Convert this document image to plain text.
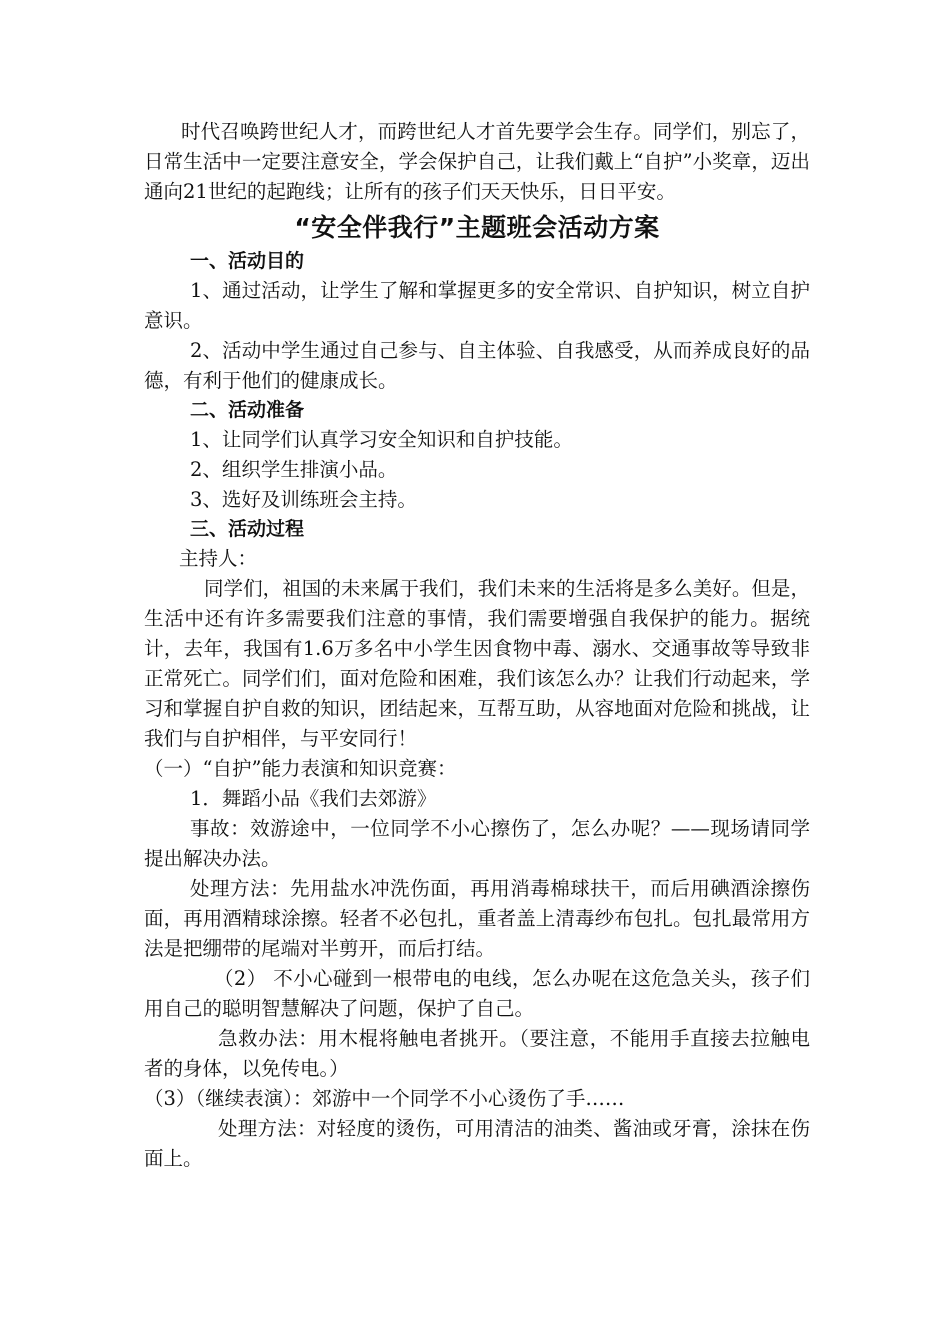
时代召唤跨世纪人才，而跨世纪人才首先要学会生存。同学们，别忘了，日常生活中一定要注意安全，学会保护自己，让我们戴上“自护”小奖章，迈出通向21世纪的起跑线；让所有的孩子们天天快乐，日日平安。

“安全伴我行”主题班会活动方案
一、活动目的

1、通过活动，让学生了解和掌握更多的安全常识、自护知识，树立自护意识。

2、活动中学生通过自己参与、自主体验、自我感受，从而养成良好的品德，有利于他们的健康成长。

二、活动准备

1、让同学们认真学习安全知识和自护技能。

2、组织学生排演小品。

3、选好及训练班会主持。

三、活动过程

主持人：

同学们，祖国的未来属于我们，我们未来的生活将是多么美好。但是，生活中还有许多需要我们注意的事情，我们需要增强自我保护的能力。据统计，去年，我国有1.6万多名中小学生因食物中毒、溺水、交通事故等导致非正常死亡。同学们们，面对危险和困难，我们该怎么办？让我们行动起来，学习和掌握自护自救的知识，团结起来，互帮互助，从容地面对危险和挑战，让我们与自护相伴，与平安同行！

（一）“自护”能力表演和知识竞赛：

1．舞蹈小品《我们去郊游》

事故：效游途中，一位同学不小心擦伤了，怎么办呢？——现场请同学提出解决办法。

处理方法：先用盐水冲洗伤面，再用消毒棉球扶干，而后用碘酒涂擦伤面，再用酒精球涂擦。轻者不必包扎，重者盖上清毒纱布包扎。包扎最常用方法是把绷带的尾端对半剪开，而后打结。

（2） 不小心碰到一根带电的电线，怎么办呢在这危急关头，孩子们用自己的聪明智慧解决了问题，保护了自己。

急救办法：用木棍将触电者挑开。（要注意，不能用手直接去拉触电者的身体，以免传电。）

（3）（继续表演）：郊游中一个同学不小心烫伤了手……

处理方法：对轻度的烫伤，可用清洁的油类、酱油或牙膏，涂抹在伤面上。
